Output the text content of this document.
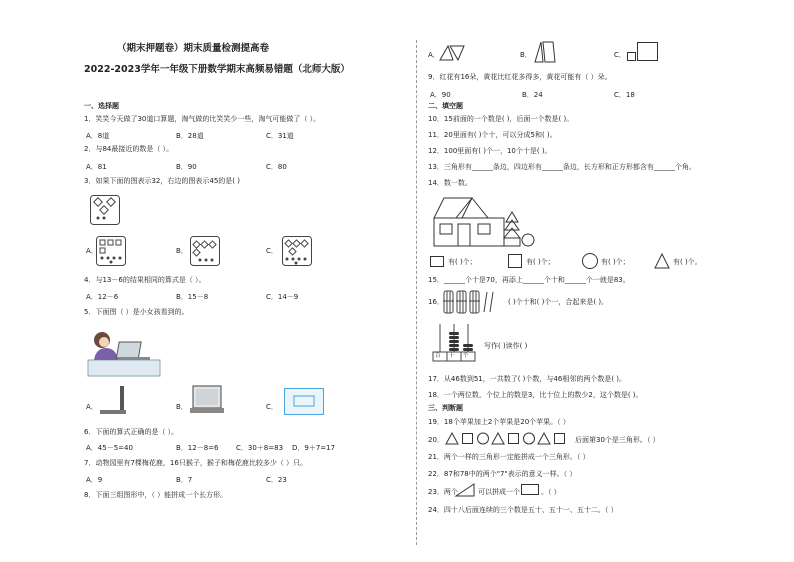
（期末押题卷）期末质量检测提高卷
2022-2023学年一年级下册数学期末高频易错题（北师大版）
一、选择题
1．笑笑今天做了30道口算题，淘气做的比笑笑少一些，淘气可能做了（ ）。
A．8道	B．28道	C．31道
2．与84最接近的数是（ ）。
A．81	B．90	C．80
3．如果下面的图表示32，右边的图表示45的是( )
A．	B．	C．
4．与13－6的结果相同的算式是（ ）。
A．12－6	B．15－8	C．14－9
5．下面图（ ）是小女孩看到的。
A．	B．	C．
6．下面的算式正确的是（ ）。
A．45－5=40	B．12－8=6	C．30＋8=83 D．9＋7=17
7．动物园里有7棵梅花鹿，16只猴子，猴子和梅花鹿比较多少（ ）只。
A．9	B．7	C．23
8．下面三组图形中，（ ）能拼成一个长方形。
A．	B．	C．
9．红花有16朵，黄花比红花多得多，黄花可能有（ ）朵。
A．90	B．24	C．18
二、填空题
10．15前面的一个数是( )，后面一个数是( )。
11．20里面有( )个十，可以分成5和( )。
12．100里面有( )个一，10个十是( )。
13．三角形有______条边，四边形有______条边，长方形和正方形都含有______个角。
14．数一数。
有( )个；	有( )个；	有( )个；	有( )个。
15．______个十是70，再添上______个十和______个一就是83。
16．	( )个十和( )个一，合起来是( )。
百 十 个
写作( )读作( )
17．从46数到51，一共数了( )个数，与46相邻的两个数是( )。
18．一个两位数，个位上的数是3，比十位上的数少2，这个数是( )。
三、判断题
19．18个苹果加上2个苹果是20个苹果。（ ）
20．	后面第30个是三角形。（ ）
21．两个一样的三角形一定能拼成一个三角形。（ ）
22．87和78中的两个"7"表示的意义一样。（ ）
23．两个	可以拼成一个	。（ ）
24．四十八后面连续的三个数是五十、五十一、五十二。（ ）
